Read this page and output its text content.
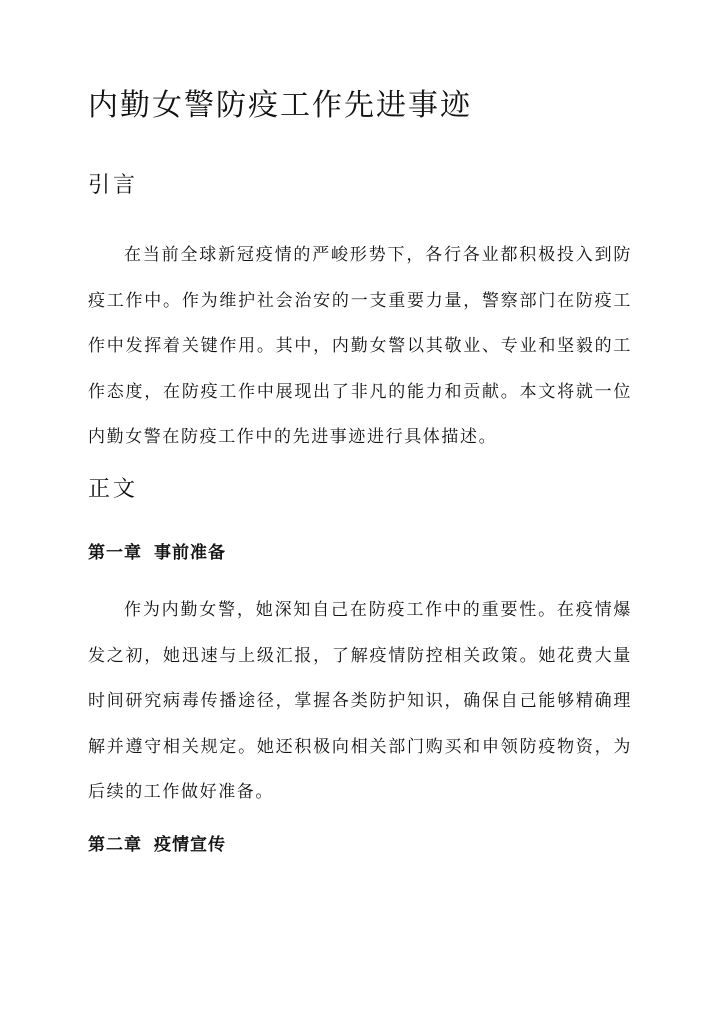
内勤女警防疫工作先进事迹
引言

在当前全球新冠疫情的严峻形势下，各行各业都积极投入到防疫工作中。作为维护社会治安的一支重要力量，警察部门在防疫工作中发挥着关键作用。其中，内勤女警以其敬业、专业和坚毅的工作态度，在防疫工作中展现出了非凡的能力和贡献。本文将就一位内勤女警在防疫工作中的先进事迹进行具体描述。

正文
第一章 事前准备

作为内勤女警，她深知自己在防疫工作中的重要性。在疫情爆发之初，她迅速与上级汇报，了解疫情防控相关政策。她花费大量时间研究病毒传播途径，掌握各类防护知识，确保自己能够精确理解并遵守相关规定。她还积极向相关部门购买和申领防疫物资，为后续的工作做好准备。

第二章 疫情宣传
